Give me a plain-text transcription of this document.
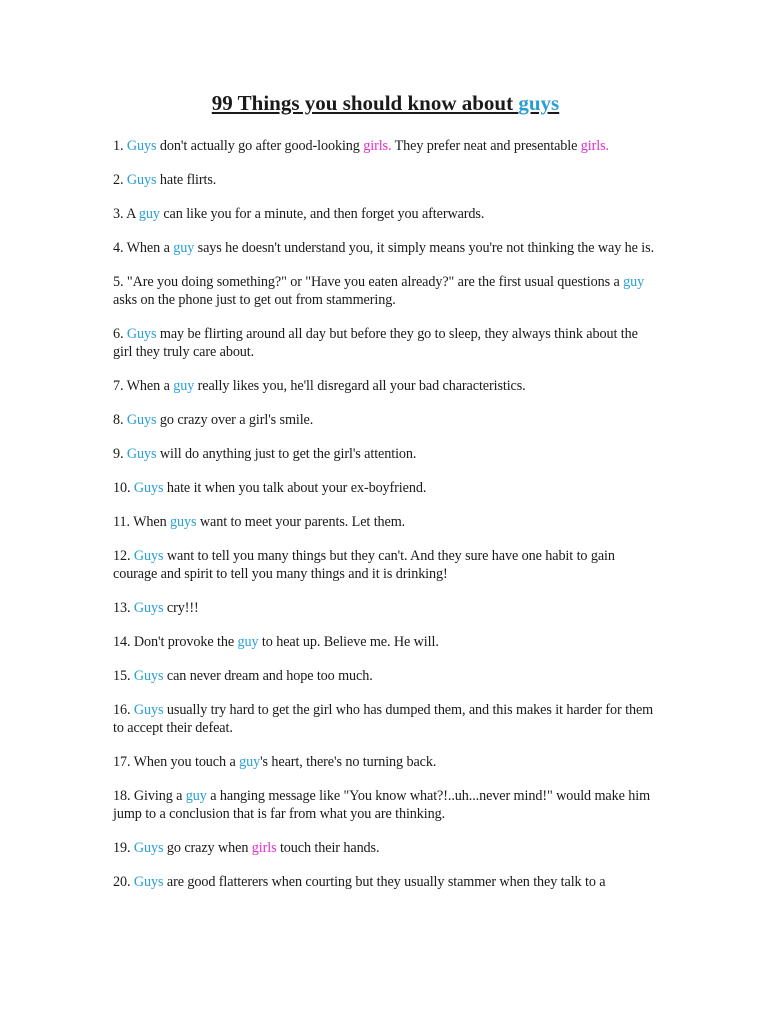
99 Things you should know about guys

1. Guys don't actually go after good-looking girls. They prefer neat and presentable girls.

2. Guys hate flirts.

3. A guy can like you for a minute, and then forget you afterwards.

4. When a guy says he doesn't understand you, it simply means you're not thinking the way he is.

5. "Are you doing something?" or "Have you eaten already?" are the first usual questions a guy asks on the phone just to get out from stammering.

6. Guys may be flirting around all day but before they go to sleep, they always think about the girl they truly care about.

7. When a guy really likes you, he'll disregard all your bad characteristics.

8. Guys go crazy over a girl's smile.

9. Guys will do anything just to get the girl's attention.

10. Guys hate it when you talk about your ex-boyfriend.

11. When guys want to meet your parents. Let them.

12. Guys want to tell you many things but they can't. And they sure have one habit to gain courage and spirit to tell you many things and it is drinking!

13. Guys cry!!!

14. Don't provoke the guy to heat up. Believe me. He will.

15. Guys can never dream and hope too much.

16. Guys usually try hard to get the girl who has dumped them, and this makes it harder for them to accept their defeat.

17. When you touch a guy's heart, there's no turning back.

18. Giving a guy a hanging message like "You know what?!..uh...never mind!" would make him jump to a conclusion that is far from what you are thinking.

19. Guys go crazy when girls touch their hands.

20. Guys are good flatterers when courting but they usually stammer when they talk to a
